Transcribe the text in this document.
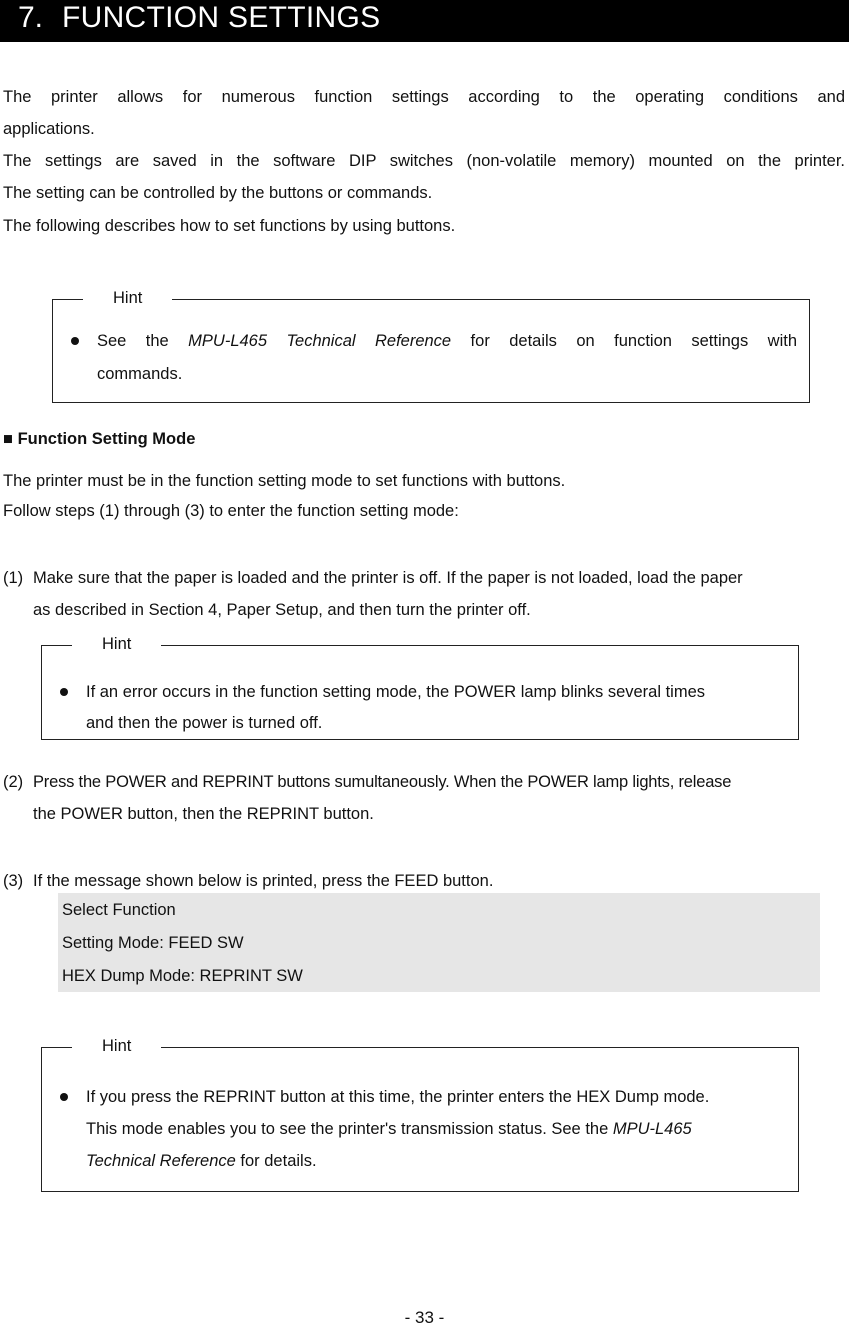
7. FUNCTION SETTINGS

The printer allows for numerous function settings according to the operating conditions and

applications.

The settings are saved in the software DIP switches (non-volatile memory) mounted on the printer.

The setting can be controlled by the buttons or commands.

The following describes how to set functions by using buttons.

Hint

See the MPU-L465 Technical Reference for details on function settings with

commands.

■ Function Setting Mode

The printer must be in the function setting mode to set functions with buttons.

Follow steps (1) through (3) to enter the function setting mode:

(1) Make sure that the paper is loaded and the printer is off. If the paper is not loaded, load the paper
as described in Section 4, Paper Setup, and then turn the printer off.
Hint

If an error occurs in the function setting mode, the POWER lamp blinks several times

and then the power is turned off.

(2) Press the POWER and REPRINT buttons sumultaneously. When the POWER lamp lights, release
the POWER button, then the REPRINT button.
(3) If the message shown below is printed, press the FEED button.
Select Function
Setting Mode: FEED SW
HEX Dump Mode: REPRINT SW
Hint

If you press the REPRINT button at this time, the printer enters the HEX Dump mode.

This mode enables you to see the printer's transmission status. See the MPU-L465

Technical Reference for details.

- 33 -
